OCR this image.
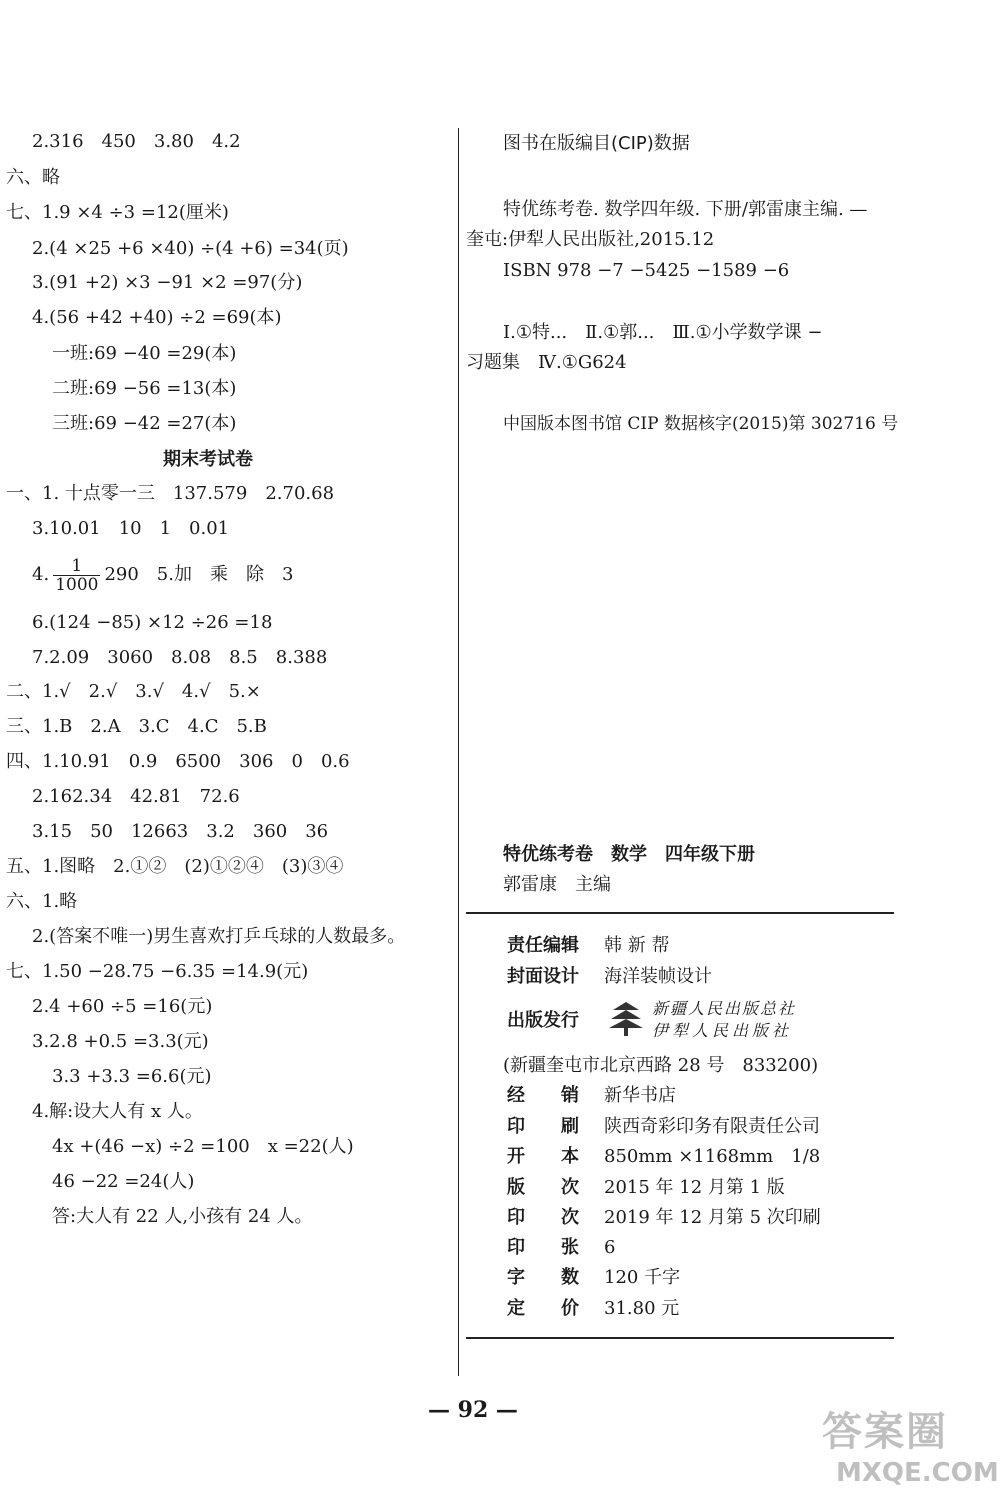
2.316　450　3.80　4.2
六、略
七、1.9 ×4 ÷3 =12(厘米)
2.(4 ×25 +6 ×40) ÷(4 +6) =34(页)
3.(91 +2) ×3 −91 ×2 =97(分)
4.(56 +42 +40) ÷2 =69(本)
一班:69 −40 =29(本)
二班:69 −56 =13(本)
三班:69 −42 =27(本)
期末考试卷
一、1. 十点零一三　137.579　2.70.68
3.10.01　10　1　0.01
4. $\frac{1}{1000} 290$　5.加　乘　除　3
6.(124 −85) ×12 ÷26 =18
7.2.09　3060　8.08　8.5　8.388
二、1.√　2.√　3.√　4.√　5.×
三、1.B　2.A　3.C　4.C　5.B
四、1.10.91　0.9　6500　306　0　0.6
2.162.34　42.81　72.6
3.15　50　12663　3.2　360　36
五、1.图略　2.①②　(2)①②④　(3)③④
六、1.略
2.(答案不唯一)男生喜欢打乒乓球的人数最多。
七、1.50 −28.75 −6.35 =14.9(元)
2.4 +60 ÷5 =16(元)
3.2.8 +0.5 =3.3(元)
3.3 +3.3 =6.6(元)
4.解:设大人有 x 人。
4x +(46 −x) ÷2 =100　x =22(人)
46 −22 =24(人)
答:大人有 22 人,小孩有 24 人。
图书在版编目(CIP)数据
特优练考卷. 数学四年级. 下册/郭雷康主编. —
奎屯:伊犁人民出版社,2015.12
ISBN 978 −7 −5425 −1589 −6
Ⅰ.①特...　Ⅱ.①郭...　Ⅲ.①小学数学课 −
习题集　Ⅳ.①G624
中国版本图书馆 CIP 数据核字(2015)第 302716 号
特优练考卷　数学　四年级下册
郭雷康　主编
责任编辑 韩 新 帮
封面设计 海洋装帧设计
出版发行
新疆人民出版总社
伊犁人民出版社
(新疆奎屯市北京西路 28 号　833200)
经　　销 新华书店
印　　刷 陕西奇彩印务有限责任公司
开　　本 850mm ×1168mm　1/8
版　　次 2015 年 12 月第 1 版
印　　次 2019 年 12 月第 5 次印刷
印　　张 6
字　　数 120 千字
定　　价 31.80 元
— 92 —	答案圈
MXQE.COM
